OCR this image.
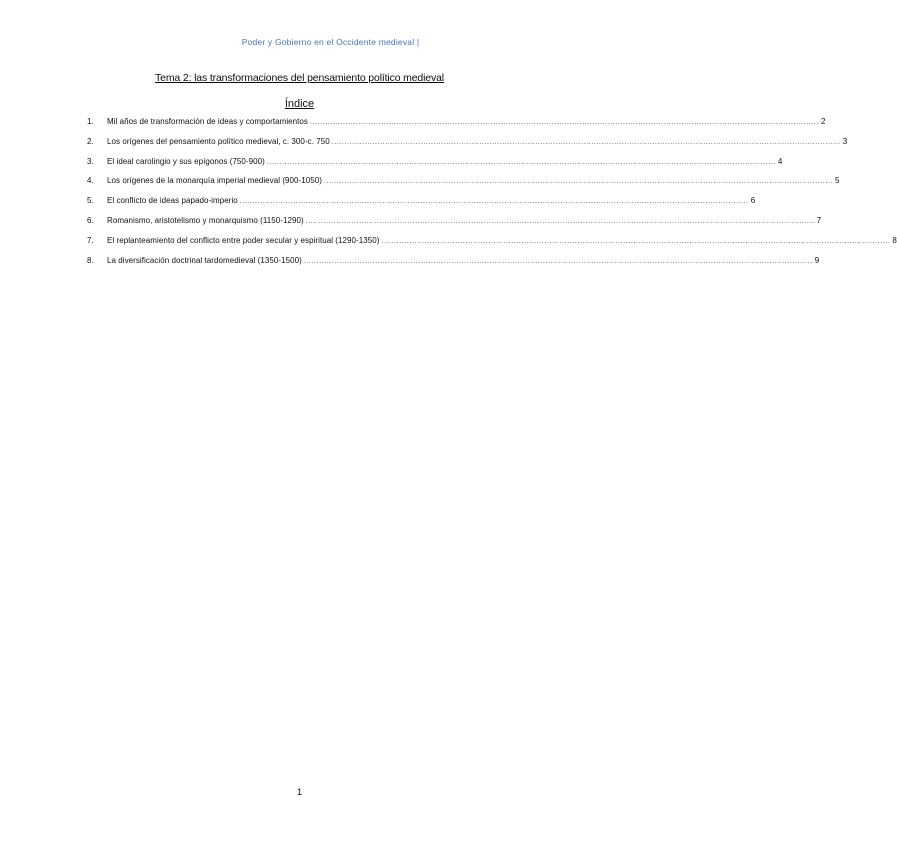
Poder y Gobierno en el Occidente medieval |
Tema 2: las transformaciones del pensamiento político medieval
Índice
1.	Mil años de transformación de ideas y comportamientos ........................................................................................................................................................................................................ 2
2.	Los orígenes del pensamiento político medieval, c. 300-c. 750 ........................................................................................................................................................................................................ 3
3.	El ideal carolingio y sus epígonos (750-900) ........................................................................................................................................................................................................ 4
4.	Los orígenes de la monarquía imperial medieval (900-1050) ........................................................................................................................................................................................................ 5
5.	El conflicto de ideas papado-imperio ........................................................................................................................................................................................................ 6
6.	Romanismo, aristotelismo y monarquismo (1150-1290) ........................................................................................................................................................................................................ 7
7.	El replanteamiento del conflicto entre poder secular y espiritual (1290-1350) ........................................................................................................................................................................................................ 8
8.	La diversificación doctrinal tardomedieval (1350-1500) ........................................................................................................................................................................................................ 9
1
